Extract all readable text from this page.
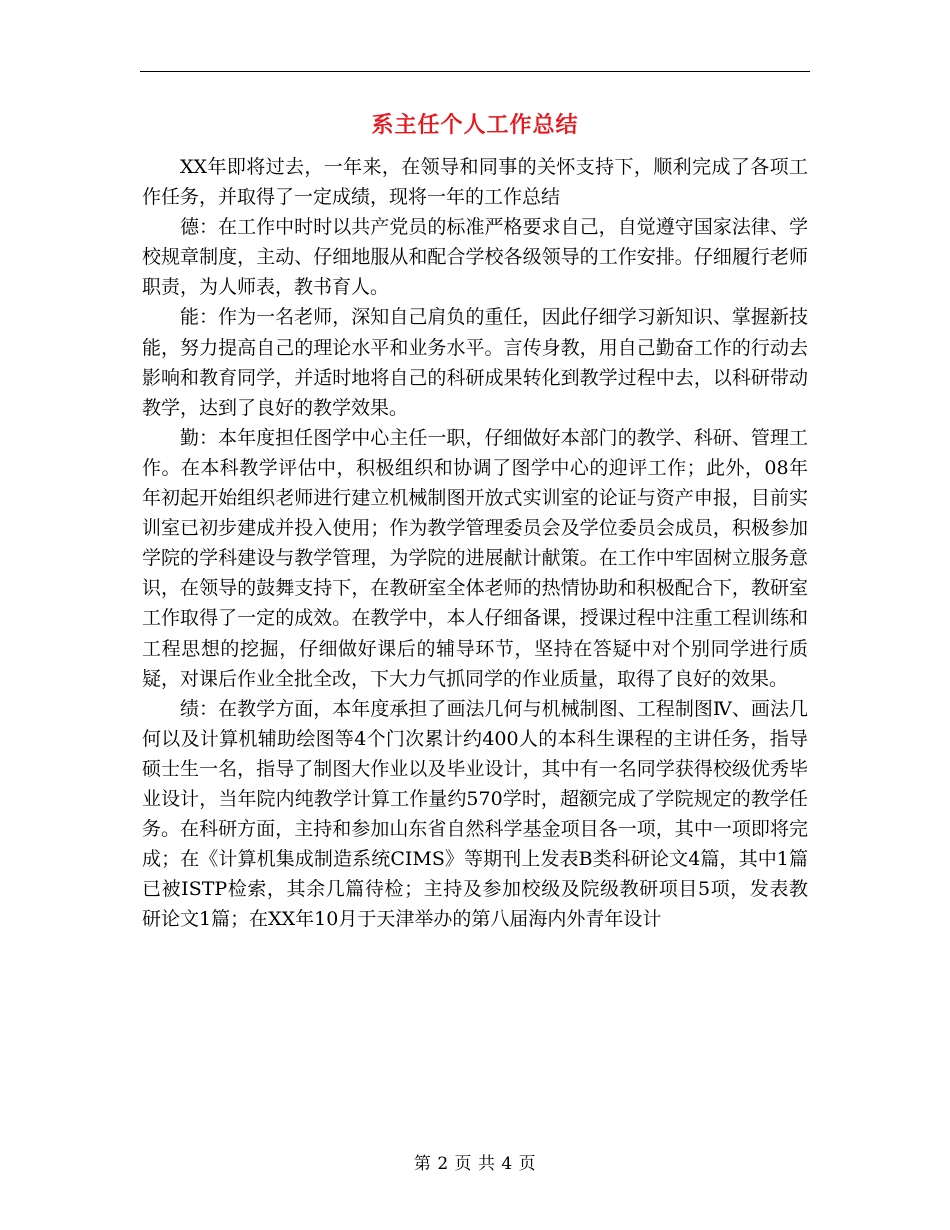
系主任个人工作总结

XX年即将过去，一年来，在领导和同事的关怀支持下，顺利完成了各项工作任务，并取得了一定成绩，现将一年的工作总结

德：在工作中时时以共产党员的标准严格要求自己，自觉遵守国家法律、学校规章制度，主动、仔细地服从和配合学校各级领导的工作安排。仔细履行老师职责，为人师表，教书育人。

能：作为一名老师，深知自己肩负的重任，因此仔细学习新知识、掌握新技能，努力提高自己的理论水平和业务水平。言传身教，用自己勤奋工作的行动去影响和教育同学，并适时地将自己的科研成果转化到教学过程中去，以科研带动教学，达到了良好的教学效果。

勤：本年度担任图学中心主任一职，仔细做好本部门的教学、科研、管理工作。在本科教学评估中，积极组织和协调了图学中心的迎评工作；此外，08年年初起开始组织老师进行建立机械制图开放式实训室的论证与资产申报，目前实训室已初步建成并投入使用；作为教学管理委员会及学位委员会成员，积极参加学院的学科建设与教学管理，为学院的进展献计献策。在工作中牢固树立服务意识，在领导的鼓舞支持下，在教研室全体老师的热情协助和积极配合下，教研室工作取得了一定的成效。在教学中，本人仔细备课，授课过程中注重工程训练和工程思想的挖掘，仔细做好课后的辅导环节，坚持在答疑中对个别同学进行质疑，对课后作业全批全改，下大力气抓同学的作业质量，取得了良好的效果。

绩：在教学方面，本年度承担了画法几何与机械制图、工程制图Ⅳ、画法几何以及计算机辅助绘图等4个门次累计约400人的本科生课程的主讲任务，指导硕士生一名，指导了制图大作业以及毕业设计，其中有一名同学获得校级优秀毕业设计，当年院内纯教学计算工作量约570学时，超额完成了学院规定的教学任务。在科研方面，主持和参加山东省自然科学基金项目各一项，其中一项即将完成；在《计算机集成制造系统CIMS》等期刊上发表B类科研论文4篇，其中1篇已被ISTP检索，其余几篇待检；主持及参加校级及院级教研项目5项，发表教研论文1篇；在XX年10月于天津举办的第八届海内外青年设计

第 2 页 共 4 页
